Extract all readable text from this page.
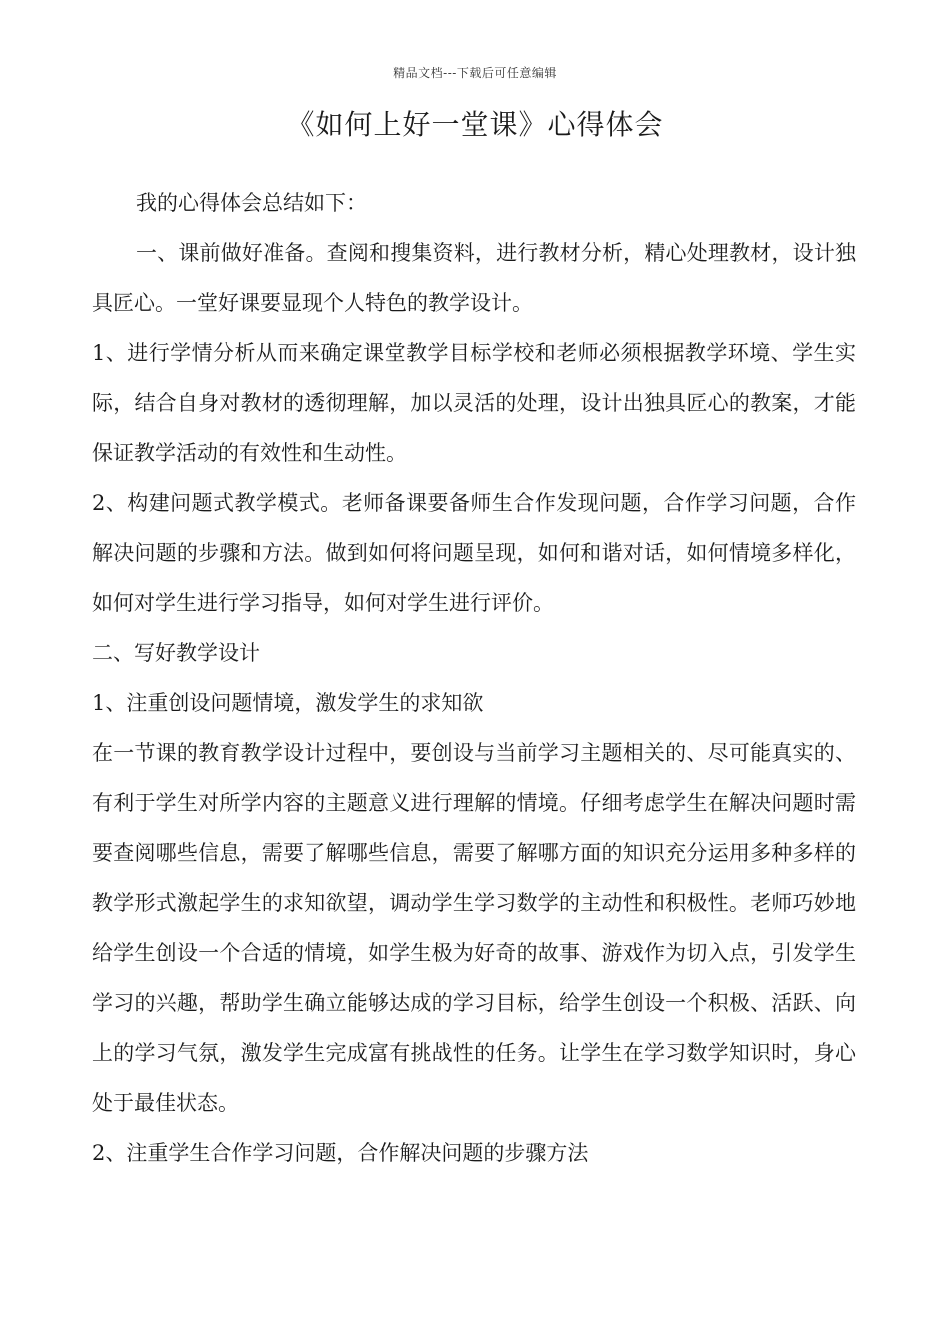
精品文档---下载后可任意编辑
《如何上好一堂课》心得体会

我的心得体会总结如下：

一、课前做好准备。查阅和搜集资料，进行教材分析，精心处理教材，设计独具匠心。一堂好课要显现个人特色的教学设计。

1、进行学情分析从而来确定课堂教学目标学校和老师必须根据教学环境、学生实际，结合自身对教材的透彻理解，加以灵活的处理，设计出独具匠心的教案，才能保证教学活动的有效性和生动性。

2、构建问题式教学模式。老师备课要备师生合作发现问题，合作学习问题，合作解决问题的步骤和方法。做到如何将问题呈现，如何和谐对话，如何情境多样化，如何对学生进行学习指导，如何对学生进行评价。

二、写好教学设计

1、注重创设问题情境，激发学生的求知欲

在一节课的教育教学设计过程中，要创设与当前学习主题相关的、尽可能真实的、有利于学生对所学内容的主题意义进行理解的情境。仔细考虑学生在解决问题时需要查阅哪些信息，需要了解哪些信息，需要了解哪方面的知识充分运用多种多样的教学形式激起学生的求知欲望，调动学生学习数学的主动性和积极性。老师巧妙地给学生创设一个合适的情境，如学生极为好奇的故事、游戏作为切入点，引发学生学习的兴趣，帮助学生确立能够达成的学习目标，给学生创设一个积极、活跃、向上的学习气氛，激发学生完成富有挑战性的任务。让学生在学习数学知识时，身心处于最佳状态。

2、注重学生合作学习问题，合作解决问题的步骤方法
